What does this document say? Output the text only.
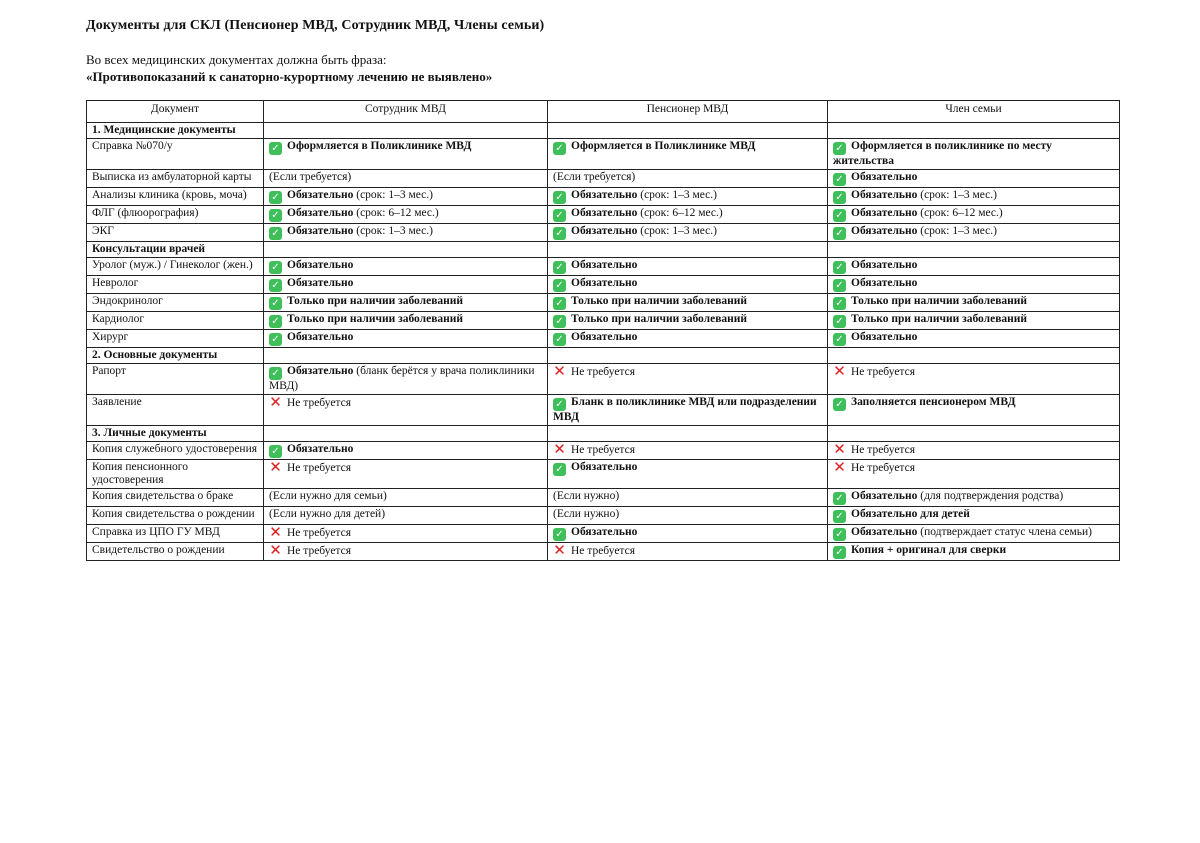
Документы для СКЛ (Пенсионер МВД, Сотрудник МВД, Члены семьи)
Во всех медицинских документах должна быть фраза:
«Противопоказаний к санаторно-курортному лечению не выявлено»
Документ	Сотрудник МВД	Пенсионер МВД	Член семьи
1. Медицинские документы			
Справка №070/у	✓ Оформляется в Поликлинике МВД	✓ Оформляется в Поликлинике МВД	✓ Оформляется в поликлинике по месту жительства
Выписка из амбулаторной карты	(Если требуется)	(Если требуется)	✓ Обязательно
Анализы клиника (кровь, моча)	✓ Обязательно (срок: 1–3 мес.)	✓ Обязательно (срок: 1–3 мес.)	✓ Обязательно (срок: 1–3 мес.)
ФЛГ (флюорография)	✓ Обязательно (срок: 6–12 мес.)	✓ Обязательно (срок: 6–12 мес.)	✓ Обязательно (срок: 6–12 мес.)
ЭКГ	✓ Обязательно (срок: 1–3 мес.)	✓ Обязательно (срок: 1–3 мес.)	✓ Обязательно (срок: 1–3 мес.)
Консультации врачей			
Уролог (муж.) / Гинеколог (жен.)	✓ Обязательно	✓ Обязательно	✓ Обязательно
Невролог	✓ Обязательно	✓ Обязательно	✓ Обязательно
Эндокринолог	✓ Только при наличии заболеваний	✓ Только при наличии заболеваний	✓ Только при наличии заболеваний
Кардиолог	✓ Только при наличии заболеваний	✓ Только при наличии заболеваний	✓ Только при наличии заболеваний
Хирург	✓ Обязательно	✓ Обязательно	✓ Обязательно
2. Основные документы			
Рапорт	✓ Обязательно (бланк берётся у врача поликлиники МВД)	✕ Не требуется	✕ Не требуется
Заявление	✕ Не требуется	✓ Бланк в поликлинике МВД или подразделении МВД	✓ Заполняется пенсионером МВД
3. Личные документы			
Копия служебного удостоверения	✓ Обязательно	✕ Не требуется	✕ Не требуется
Копия пенсионного удостоверения	✕ Не требуется	✓ Обязательно	✕ Не требуется
Копия свидетельства о браке	(Если нужно для семьи)	(Если нужно)	✓ Обязательно (для подтверждения родства)
Копия свидетельства о рождении	(Если нужно для детей)	(Если нужно)	✓ Обязательно для детей
Справка из ЦПО ГУ МВД	✕ Не требуется	✓ Обязательно	✓ Обязательно (подтверждает статус члена семьи)
Свидетельство о рождении	✕ Не требуется	✕ Не требуется	✓ Копия + оригинал для сверки
